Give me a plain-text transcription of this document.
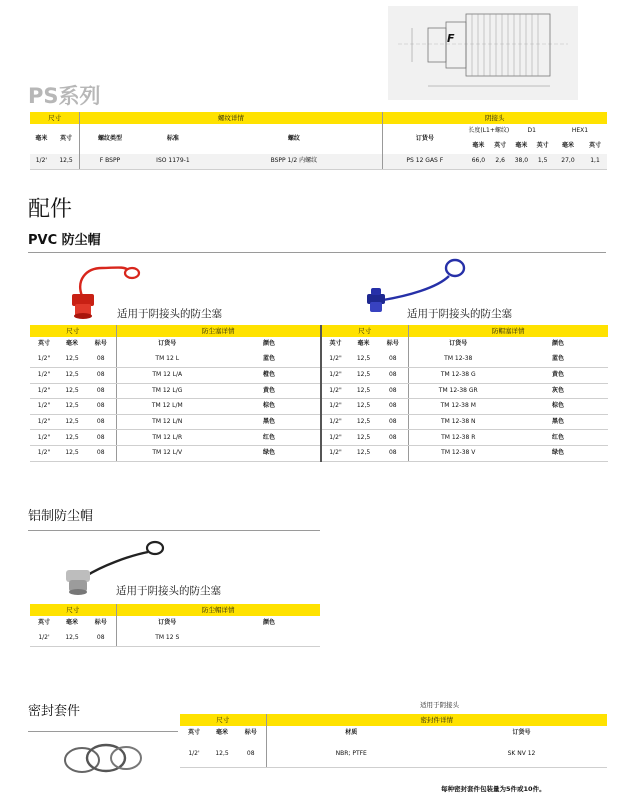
F
PS系列
尺寸		螺纹详情			阴接头						
毫米	英寸	螺纹类型	标准	螺纹	订货号	长度(L1+螺纹)		D1		HEX1	
						毫米	英寸	毫米	英寸	毫米	英寸
1/2'	12,5	F BSPP	ISO 1179-1	BSPP 1/2 内螺纹	PS 12 GAS F	66,0	2,6	38,0	1,5	27,0	1,1
配件
PVC 防尘帽
适用于阴接头的防尘塞	适用于阴接头的防尘塞
尺寸			防尘塞详情	
英寸	毫米	标号	订货号	颜色
1/2"	12,5	08	TM 12 L	蓝色
1/2"	12,5	08	TM 12 L/A	橙色
1/2"	12,5	08	TM 12 L/G	黄色
1/2"	12,5	08	TM 12 L/M	棕色
1/2"	12,5	08	TM 12 L/N	黑色
1/2"	12,5	08	TM 12 L/R	红色
1/2"	12,5	08	TM 12 L/V	绿色
尺寸			防帽塞详情	
英寸	毫米	标号	订货号	颜色
1/2"	12,5	08	TM 12-38	蓝色
1/2"	12,5	08	TM 12-38 G	黄色
1/2"	12,5	08	TM 12-38 GR	灰色
1/2"	12,5	08	TM 12-38 M	棕色
1/2"	12,5	08	TM 12-38 N	黑色
1/2"	12,5	08	TM 12-38 R	红色
1/2"	12,5	08	TM 12-38 V	绿色
铝制防尘帽
适用于阴接头的防尘塞
尺寸			防尘帽详情	
英寸	毫米	标号	订货号	颜色
1/2'	12,5	08	TM 12 S	
密封套件	适用于阴接头
尺寸			密封件详情	
英寸	毫米	标号	材质	订货号
1/2'	12,5	08	NBR; PTFE	SK NV 12
每种密封套件包装量为5件或10件。
